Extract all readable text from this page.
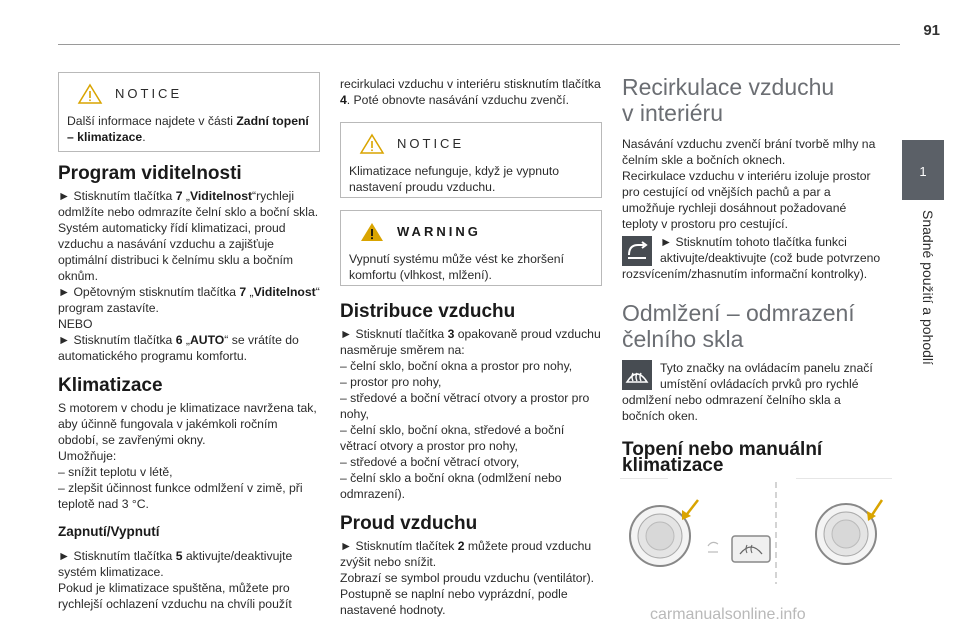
91
1
Snadné použití a pohodlí
NOTICE

Další informace najdete v části Zadní topení – klimatizace.

Program viditelnosti

► Stisknutím tlačítka 7 „Viditelnost“rychleji odmlžíte nebo odmrazíte čelní sklo a boční skla. Systém automaticky řídí klimatizaci, proud vzduchu a nasávání vzduchu a zajišťuje optimální distribuci k čelnímu sklu a bočním oknům.

► Opětovným stisknutím tlačítka 7 „Viditelnost“ program zastavíte.

NEBO

► Stisknutím tlačítka 6 „AUTO“ se vrátíte do automatického programu komfortu.

Klimatizace

S motorem v chodu je klimatizace navržena tak, aby účinně fungovala v jakémkoli ročním období, se zavřenými okny.

Umožňuje:

– snížit teplotu v létě,

– zlepšit účinnost funkce odmlžení v zimě, při teplotě nad 3 °C.

Zapnutí/Vypnutí

► Stisknutím tlačítka 5 aktivujte/deaktivujte systém klimatizace.

Pokud je klimatizace spuštěna, můžete pro rychlejší ochlazení vzduchu na chvíli použít

recirkulaci vzduchu v interiéru stisknutím tlačítka 4. Poté obnovte nasávání vzduchu zvenčí.

NOTICE

Klimatizace nefunguje, když je vypnuto nastavení proudu vzduchu.

WARNING

Vypnutí systému může vést ke zhoršení komfortu (vlhkost, mlžení).

Distribuce vzduchu

► Stisknutí tlačítka 3 opakovaně proud vzduchu nasměruje směrem na:

– čelní sklo, boční okna a prostor pro nohy,

– prostor pro nohy,

– středové a boční větrací otvory a prostor pro nohy,

– čelní sklo, boční okna, středové a boční větrací otvory a prostor pro nohy,

– středové a boční větrací otvory,

– čelní sklo a boční okna (odmlžení nebo odmrazení).

Proud vzduchu

► Stisknutím tlačítek 2 můžete proud vzduchu zvýšit nebo snížit.

Zobrazí se symbol proudu vzduchu (ventilátor). Postupně se naplní nebo vyprázdní, podle nastavené hodnoty.

Recirkulace vzduchu
v interiéru

Nasávání vzduchu zvenčí brání tvorbě mlhy na čelním skle a bočních oknech.

Recirkulace vzduchu v interiéru izoluje prostor pro cestující od vnějších pachů a par a umožňuje rychleji dosáhnout požadované teploty v prostoru pro cestující.

► Stisknutím tohoto tlačítka funkci

aktivujte/deaktivujte (což bude potvrzeno rozsvícením/zhasnutím informační kontrolky).

Odmlžení – odmrazení
čelního skla

Tyto značky na ovládacím panelu značí

umístění ovládacích prvků pro rychlé odmlžení nebo odmrazení čelního skla a bočních oken.

Topení nebo manuální
klimatizace
carmanualsonline.info
